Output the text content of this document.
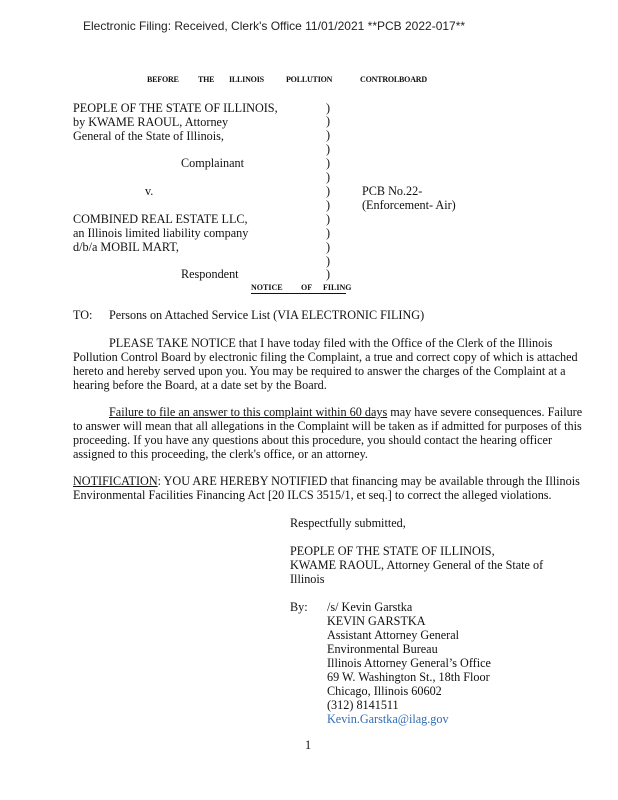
Electronic Filing: Received, Clerk's Office 11/01/2021 **PCB 2022-017**
BEFORE THE ILLINOIS	POLLUTION	CONTROLBOARD
PEOPLE OF THE STATE OF ILLINOIS,
by KWAME RAOUL, Attorney
General of the State of Illinois,
Complainant
v.
COMBINED REAL ESTATE LLC,
an Illinois limited liability company
d/b/a MOBIL MART,
Respondent
)
)
)
)
)
)
)
)
)
)
)
)
)
PCB No.22-
(Enforcement- Air)
NOTICE OF FILING
TO: Persons on Attached Service List (VIA ELECTRONIC FILING)
PLEASE TAKE NOTICE that I have today filed with the Office of the Clerk of the Illinois Pollution Control Board by electronic filing the Complaint, a true and correct copy of which is attached hereto and hereby served upon you. You may be required to answer the charges of the Complaint at a hearing before the Board, at a date set by the Board.
Failure to file an answer to this complaint within 60 days may have severe consequences. Failure to answer will mean that all allegations in the Complaint will be taken as if admitted for purposes of this proceeding. If you have any questions about this procedure, you should contact the hearing officer assigned to this proceeding, the clerk's office, or an attorney.
NOTIFICATION: YOU ARE HEREBY NOTIFIED that financing may be available through the Illinois Environmental Facilities Financing Act [20 ILCS 3515/1, et seq.] to correct the alleged violations.
Respectfully submitted,
PEOPLE OF THE STATE OF ILLINOIS,
KWAME RAOUL, Attorney General of the State of
Illinois
By: /s/ Kevin Garstka
KEVIN GARSTKA
Assistant Attorney General
Environmental Bureau
Illinois Attorney General’s Office
69 W. Washington St., 18th Floor
Chicago, Illinois 60602
(312) 8141511
Kevin.Garstka@ilag.gov
1
